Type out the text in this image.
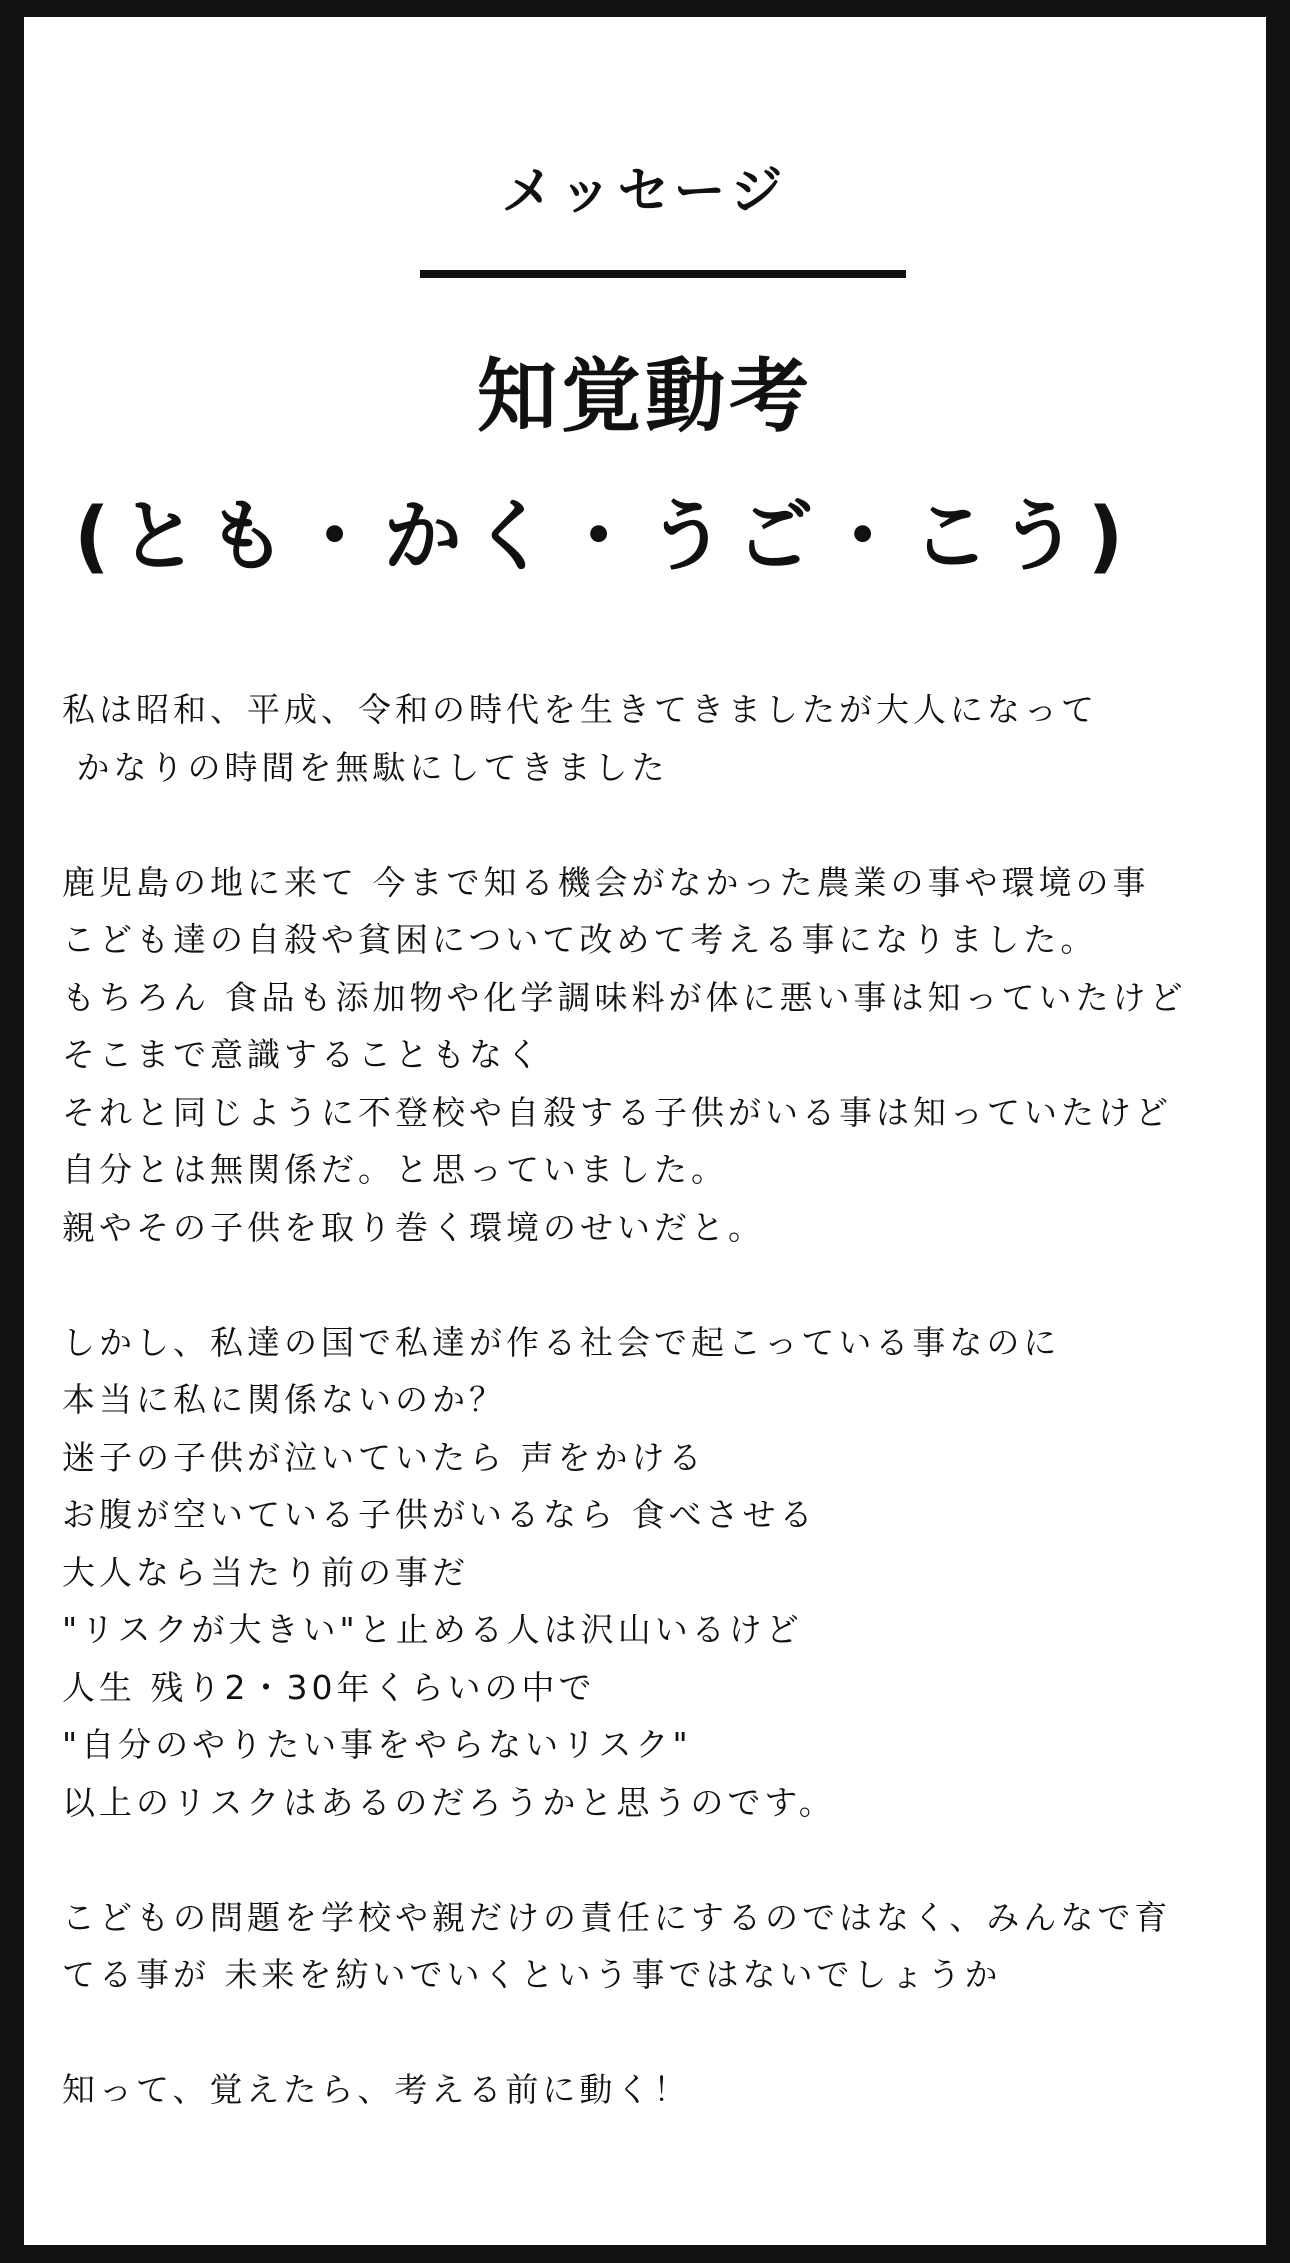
メッセージ
知覚動考
(とも・かく・うご・こう)
私は昭和、平成、令和の時代を生きてきましたが大人になって
かなりの時間を無駄にしてきました
鹿児島の地に来て 今まで知る機会がなかった農業の事や環境の事
こども達の自殺や貧困について改めて考える事になりました。
もちろん 食品も添加物や化学調味料が体に悪い事は知っていたけど
そこまで意識することもなく
それと同じように不登校や自殺する子供がいる事は知っていたけど
自分とは無関係だ。と思っていました。
親やその子供を取り巻く環境のせいだと。
しかし、私達の国で私達が作る社会で起こっている事なのに
本当に私に関係ないのか？
迷子の子供が泣いていたら 声をかける
お腹が空いている子供がいるなら 食べさせる
大人なら当たり前の事だ
"リスクが大きい"と止める人は沢山いるけど
人生 残り2・30年くらいの中で
"自分のやりたい事をやらないリスク"
以上のリスクはあるのだろうかと思うのです。
こどもの問題を学校や親だけの責任にするのではなく、みんなで育
てる事が 未来を紡いでいくという事ではないでしょうか
知って、覚えたら、考える前に動く！
